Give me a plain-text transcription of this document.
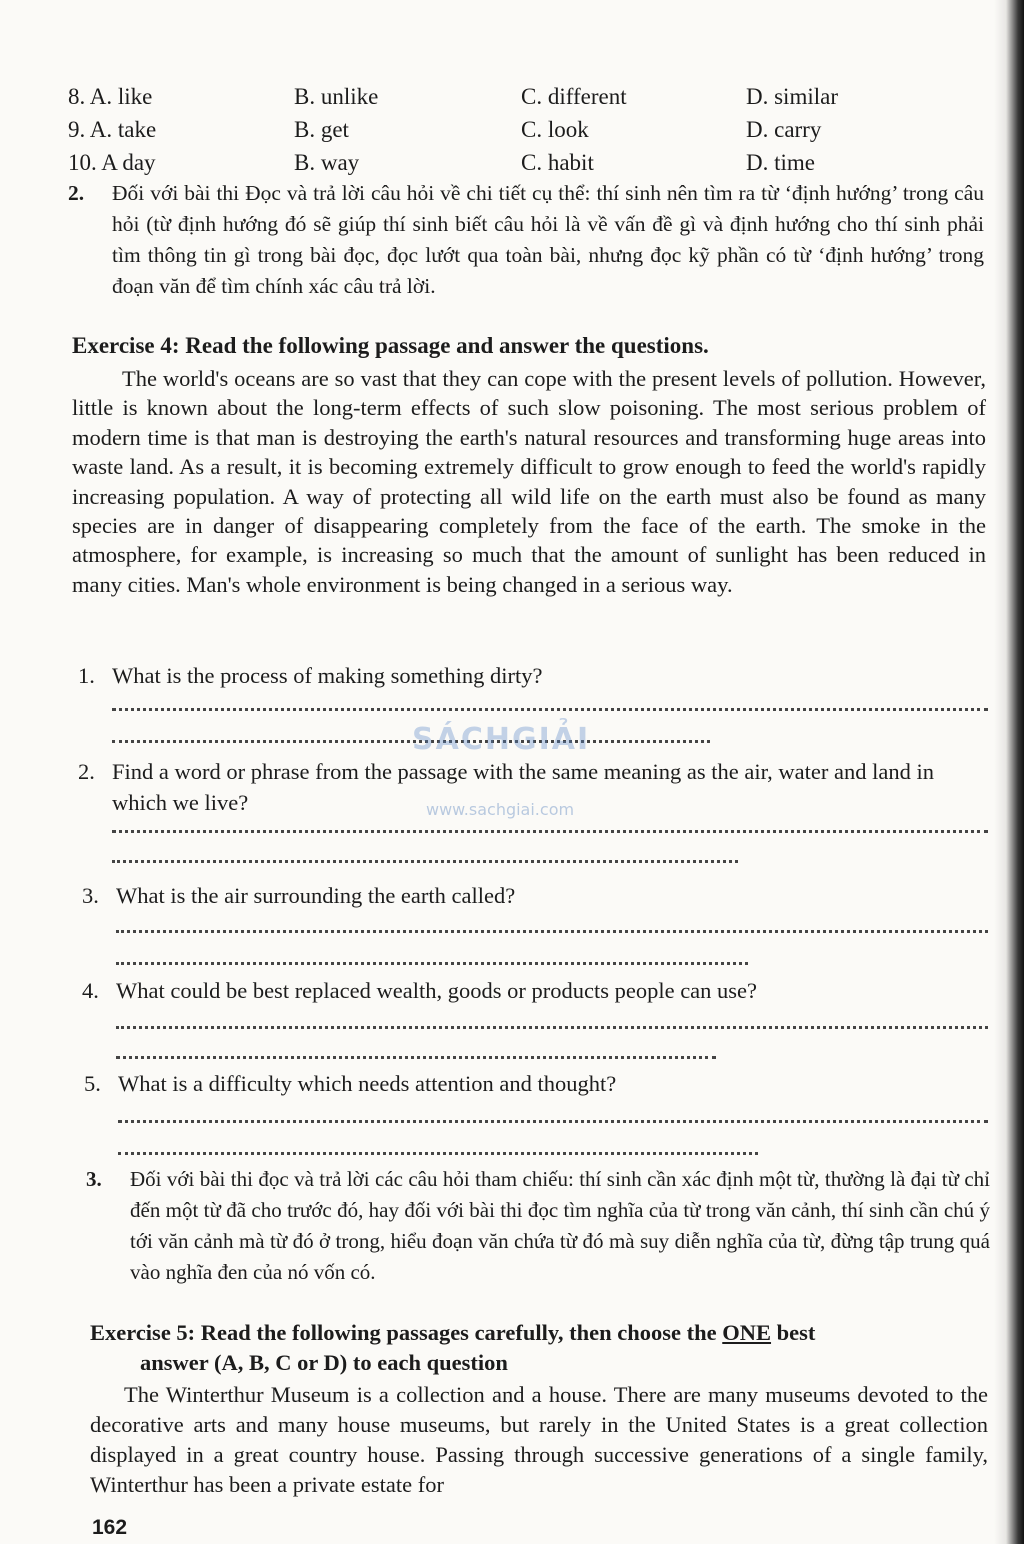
8. A. like	B. unlike	C. different	D. similar
9. A. take	B. get	C. look	D. carry
10. A day	B. way	C. habit	D. time
2. Đối với bài thi Đọc và trả lời câu hỏi về chi tiết cụ thể: thí sinh nên tìm ra từ ‘định hướng’ trong câu hỏi (từ định hướng đó sẽ giúp thí sinh biết câu hỏi là về vấn đề gì và định hướng cho thí sinh phải tìm thông tin gì trong bài đọc, đọc lướt qua toàn bài, nhưng đọc kỹ phần có từ ‘định hướng’ trong đoạn văn để tìm chính xác câu trả lời.
Exercise 4: Read the following passage and answer the questions.
The world's oceans are so vast that they can cope with the present levels of pollution. However, little is known about the long-term effects of such slow poisoning. The most serious problem of modern time is that man is destroying the earth's natural resources and transforming huge areas into waste land. As a result, it is becoming extremely difficult to grow enough to feed the world's rapidly increasing population. A way of protecting all wild life on the earth must also be found as many species are in danger of disappearing completely from the face of the earth. The smoke in the atmosphere, for example, is increasing so much that the amount of sunlight has been reduced in many cities. Man's whole environment is being changed in a serious way.
1. What is the process of making something dirty?
2. Find a word or phrase from the passage with the same meaning as the air, water and land in which we live?
3. What is the air surrounding the earth called?
4. What could be best replaced wealth, goods or products people can use?
5. What is a difficulty which needs attention and thought?
SÁCHGIẢI
www.sachgiai.com
3. Đối với bài thi đọc và trả lời các câu hỏi tham chiếu: thí sinh cần xác định một từ, thường là đại từ chỉ đến một từ đã cho trước đó, hay đối với bài thi đọc tìm nghĩa của từ trong văn cảnh, thí sinh cần chú ý tới văn cảnh mà từ đó ở trong, hiểu đoạn văn chứa từ đó mà suy diễn nghĩa của từ, đừng tập trung quá vào nghĩa đen của nó vốn có.
Exercise 5: Read the following passages carefully, then choose the ONE best
answer (A, B, C or D) to each question
The Winterthur Museum is a collection and a house. There are many museums devoted to the decorative arts and many house museums, but rarely in the United States is a great collection displayed in a great country house. Passing through successive generations of a single family, Winterthur has been a private estate for
162
